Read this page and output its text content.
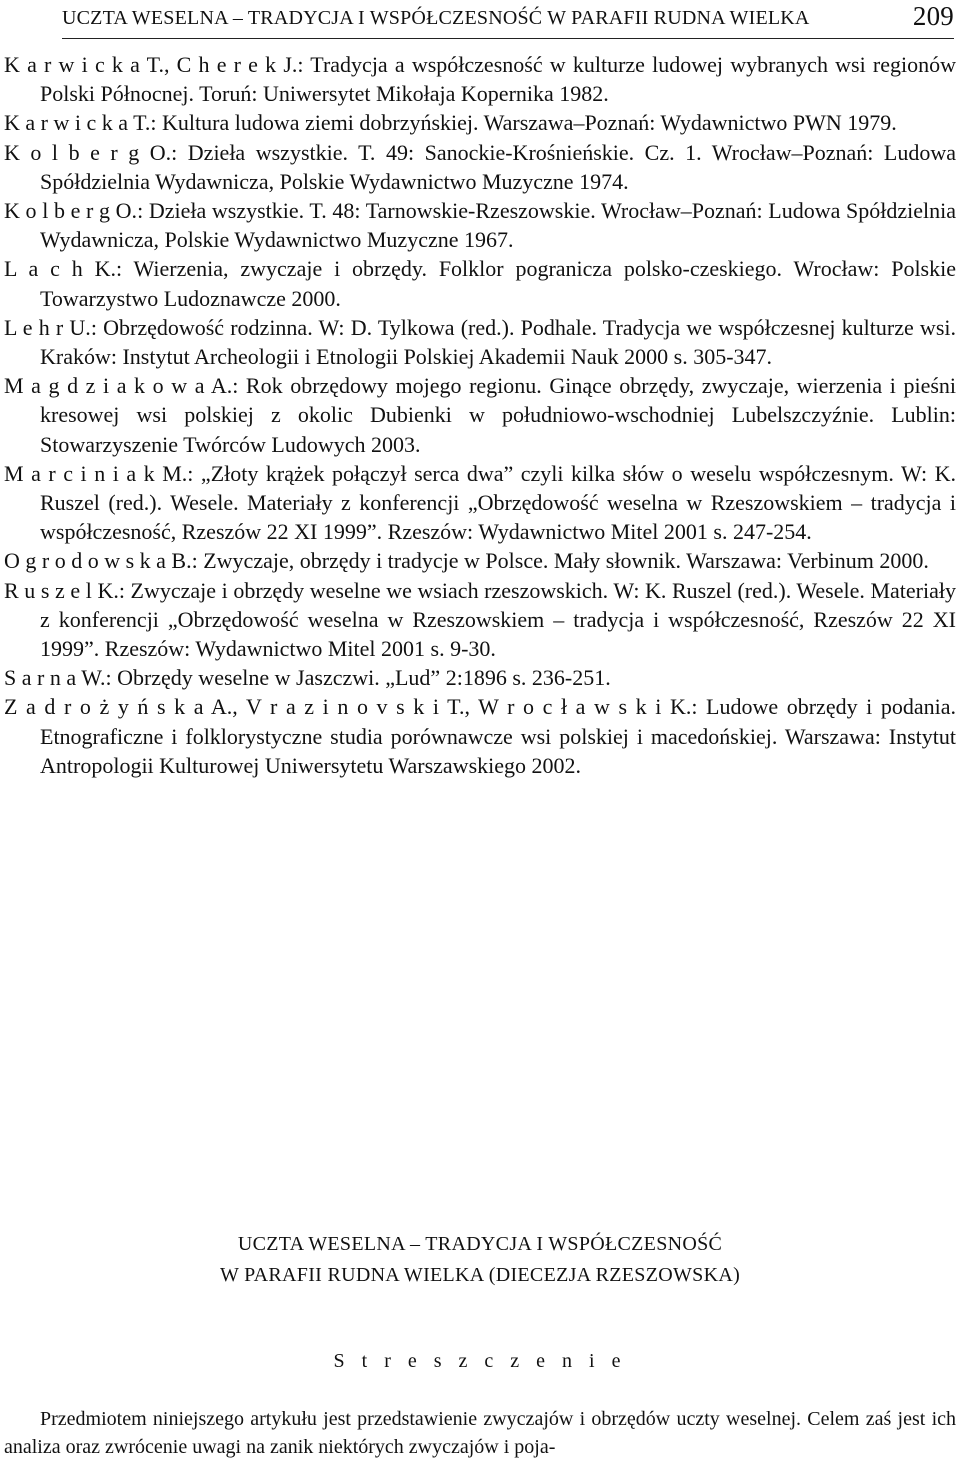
UCZTA WESELNA – TRADYCJA I WSPÓŁCZESNOŚĆ W PARAFII RUDNA WIELKA	209

K a r w i c k a T., C h e r e k J.: Tradycja a współczesność w kulturze ludowej wybranych wsi regionów Polski Północnej. Toruń: Uniwersytet Mikołaja Kopernika 1982.

K a r w i c k a T.: Kultura ludowa ziemi dobrzyńskiej. Warszawa–Poznań: Wydawnictwo PWN 1979.

K o l b e r g O.: Dzieła wszystkie. T. 49: Sanockie-Krośnieńskie. Cz. 1. Wrocław–Poznań: Ludowa Spółdzielnia Wydawnicza, Polskie Wydawnictwo Muzyczne 1974.

K o l b e r g O.: Dzieła wszystkie. T. 48: Tarnowskie-Rzeszowskie. Wrocław–Poznań: Ludowa Spółdzielnia Wydawnicza, Polskie Wydawnictwo Muzyczne 1967.

L a c h K.: Wierzenia, zwyczaje i obrzędy. Folklor pogranicza polsko-czeskiego. Wrocław: Polskie Towarzystwo Ludoznawcze 2000.

L e h r U.: Obrzędowość rodzinna. W: D. Tylkowa (red.). Podhale. Tradycja we współczesnej kulturze wsi. Kraków: Instytut Archeologii i Etnologii Polskiej Akademii Nauk 2000 s. 305-347.

M a g d z i a k o w a A.: Rok obrzędowy mojego regionu. Ginące obrzędy, zwyczaje, wierzenia i pieśni kresowej wsi polskiej z okolic Dubienki w południowo-wschodniej Lubelszczyźnie. Lublin: Stowarzyszenie Twórców Ludowych 2003.

M a r c i n i a k M.: „Złoty krążek połączył serca dwa” czyli kilka słów o weselu współczesnym. W: K. Ruszel (red.). Wesele. Materiały z konferencji „Obrzędowość weselna w Rzeszowskiem – tradycja i współczesność, Rzeszów 22 XI 1999”. Rzeszów: Wydawnictwo Mitel 2001 s. 247-254.

O g r o d o w s k a B.: Zwyczaje, obrzędy i tradycje w Polsce. Mały słownik. Warszawa: Verbinum 2000.

R u s z e l K.: Zwyczaje i obrzędy weselne we wsiach rzeszowskich. W: K. Ruszel (red.). Wesele. Materiały z konferencji „Obrzędowość weselna w Rzeszowskiem – tradycja i współczesność, Rzeszów 22 XI 1999”. Rzeszów: Wydawnictwo Mitel 2001 s. 9-30.

S a r n a W.: Obrzędy weselne w Jaszczwi. „Lud” 2:1896 s. 236-251.

Z a d r o ż y ń s k a A., V r a z i n o v s k i T., W r o c ł a w s k i K.: Ludowe obrzędy i podania. Etnograficzne i folklorystyczne studia porównawcze wsi polskiej i macedońskiej. Warszawa: Instytut Antropologii Kulturowej Uniwersytetu Warszawskiego 2002.

UCZTA WESELNA – TRADYCJA I WSPÓŁCZESNOŚĆ
W PARAFII RUDNA WIELKA (DIECEZJA RZESZOWSKA)
S t r e s z c z e n i e

Przedmiotem niniejszego artykułu jest przedstawienie zwyczajów i obrzędów uczty weselnej. Celem zaś jest ich analiza oraz zwrócenie uwagi na zanik niektórych zwyczajów i poja-
